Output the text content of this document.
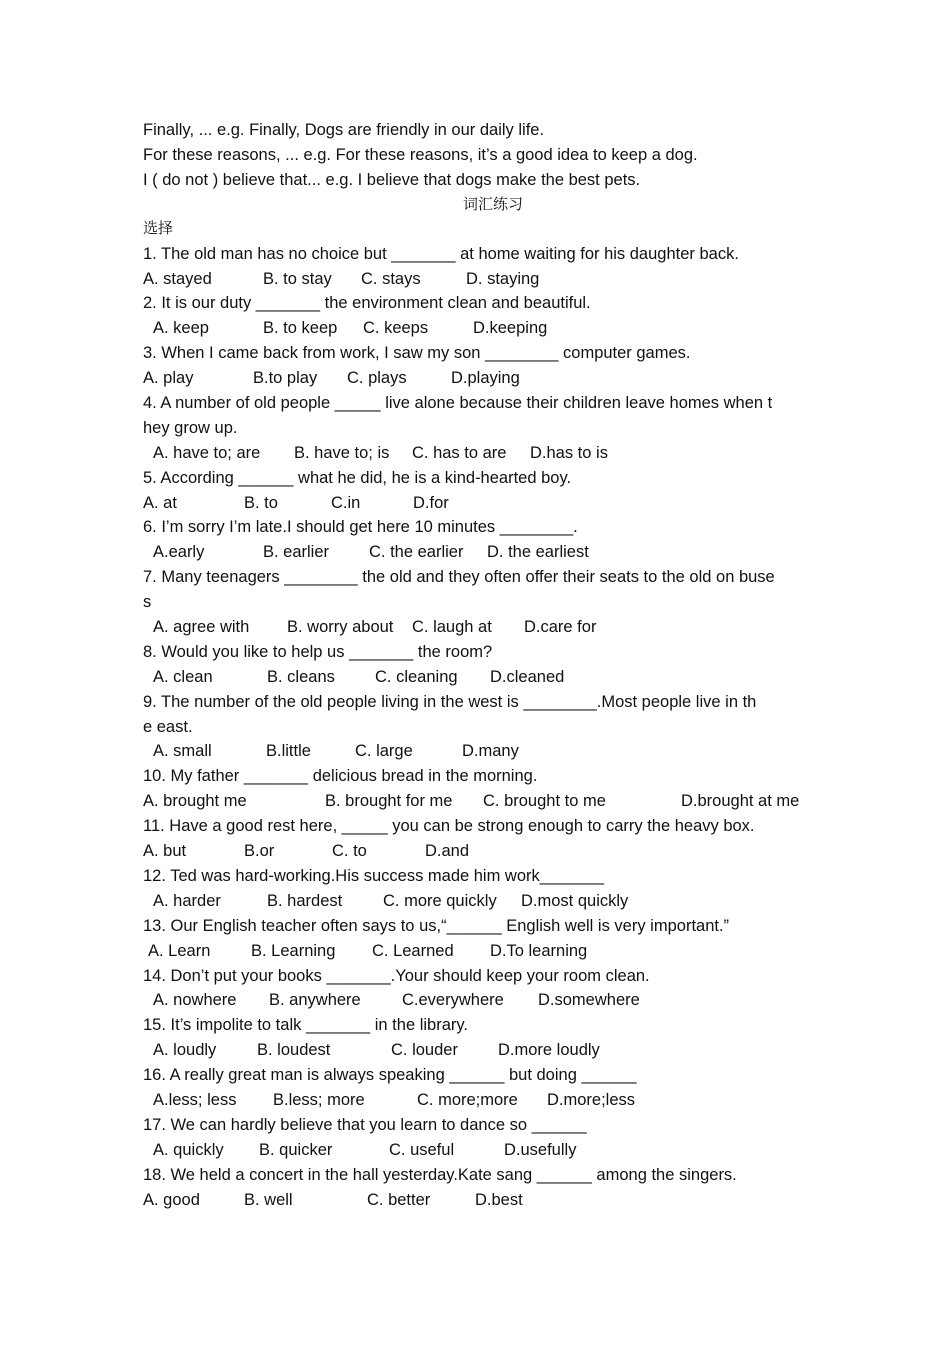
Finally, ... e.g. Finally, Dogs are friendly in our daily life.
For these reasons, ... e.g. For these reasons, it’s a good idea to keep a dog.
I ( do not ) believe that... e.g. I believe that dogs make the best pets.
词汇练习
选择
1. The old man has no choice but _______ at home waiting for his daughter back.
A. stayed	B. to stay C. stays	D. staying
2. It is our duty _______ the environment clean and beautiful.
A. keep	B. to keep C. keeps	D.keeping
3. When I came back from work, I saw my son ________ computer games.
A. play	B.to play C. plays	D.playing
4. A number of old people _____ live alone because their children leave homes when t
hey grow up.
A. have to; are B. have to; is C. has to are D.has to is
5. According ______ what he did, he is a kind-hearted boy.
A. at	B. to	C.in	D.for
6. I’m sorry I’m late.I should get here 10 minutes ________.
A.early	B. earlier C. the earlier D. the earliest
7. Many teenagers ________ the old and they often offer their seats to the old on buse
s
A. agree with B. worry about C. laugh at D.care for
8. Would you like to help us _______ the room?
A. clean	B. cleans C. cleaning D.cleaned
9. The number of the old people living in the west is ________.Most people live in th
e east.
A. small	B.little	C. large	D.many
10. My father _______ delicious bread in the morning.
A. brought me	B. brought for me C. brought to me	D.brought at me
11. Have a good rest here, _____ you can be strong enough to carry the heavy box.
A. but	B.or	C. to	D.and
12. Ted was hard-working.His success made him work_______
A. harder	B. hardest C. more quickly D.most quickly
13. Our English teacher often says to us,“______ English well is very important.”
A. Learn B. Learning C. Learned D.To learning
14. Don’t put your books _______.Your should keep your room clean.
A. nowhere B. anywhere	C.everywhere D.somewhere
15. It’s impolite to talk _______ in the library.
A. loudly B. loudest	C. louder D.more loudly
16. A really great man is always speaking ______ but doing ______
A.less; less B.less; more	C. more;more D.more;less
17. We can hardly believe that you learn to dance so ______
A. quickly B. quicker	C. useful	D.usefully
18. We held a concert in the hall yesterday.Kate sang ______ among the singers.
A. good	B. well	C. better	D.best
